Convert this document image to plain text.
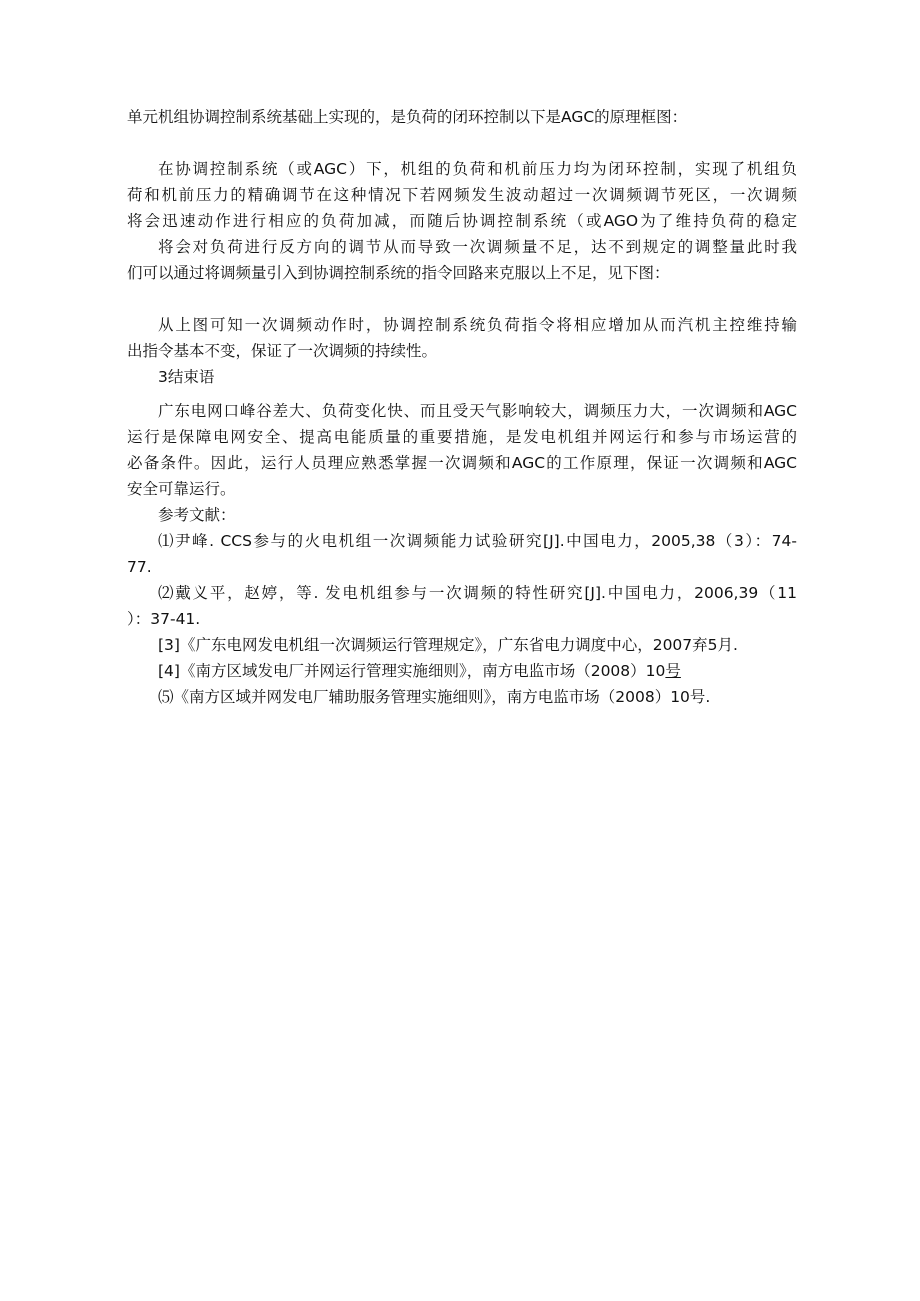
单元机组协调控制系统基础上实现的，是负荷的闭环控制以下是AGC的原理框图：

在协调控制系统（或AGC）下，机组的负荷和机前压力均为闭环控制，实现了机组负

荷和机前压力的精确调节在这种情况下若网频发生波动超过一次调频调节死区，一次调频

将会迅速动作进行相应的负荷加减，而随后协调控制系统（或AGO为了维持负荷的稳定

将会对负荷进行反方向的调节从而导致一次调频量不足，达不到规定的调整量此时我

们可以通过将调频量引入到协调控制系统的指令回路来克服以上不足，见下图：

从上图可知一次调频动作时，协调控制系统负荷指令将相应增加从而汽机主控维持输

出指令基本不变，保证了一次调频的持续性。

3结束语

广东电网口峰谷差大、负荷变化快、而且受天气影响较大，调频压力大，一次调频和AGC

运行是保障电网安全、提高电能质量的重要措施，是发电机组并网运行和参与市场运营的

必备条件。因此，运行人员理应熟悉掌握一次调频和AGC的工作原理，保证一次调频和AGC

安全可靠运行。

参考文献：

⑴尹峰. CCS参与的火电机组一次调频能力试验研究[J].中国电力，2005,38（3）：74-

77.

⑵戴义平，赵婷，等. 发电机组参与一次调频的特性研究[J].中国电力，2006,39（11

）：37-41.

[3]《广东电网发电机组一次调频运行管理规定》，广东省电力调度中心，2007弃5月.

[4]《南方区域发电厂并网运行管理实施细则》，南方电监市场（2008）10号

⑸《南方区域并网发电厂辅助服务管理实施细则》，南方电监市场（2008）10号.
